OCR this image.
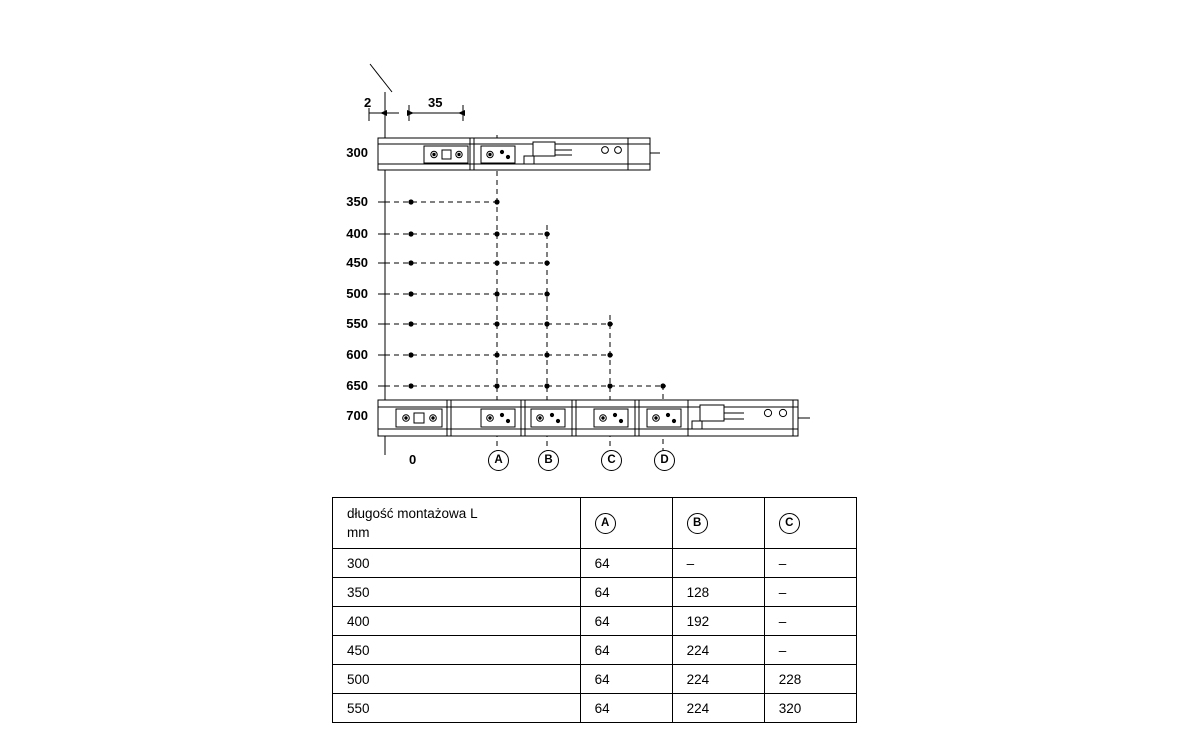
2	35
300
350
400
450
500
550
600
650
700
0	A	B	C	D
długość montażowa L
mm	A	B	C
300	64	–	–
350	64	128	–
400	64	192	–
450	64	224	–
500	64	224	228
550	64	224	320
